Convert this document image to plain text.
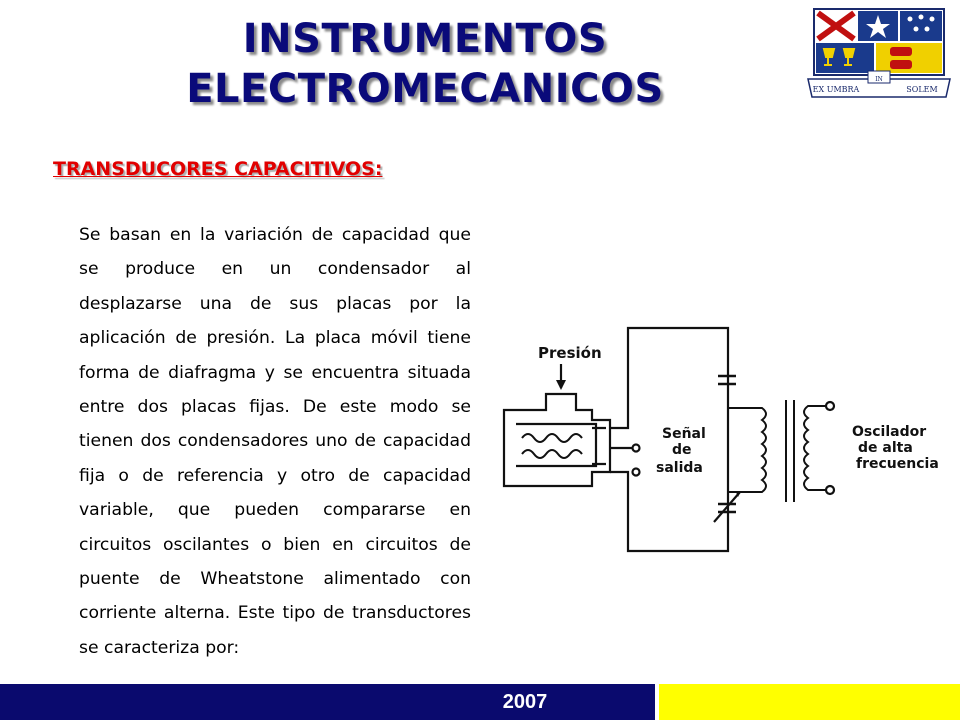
INSTRUMENTOS ELECTROMECANICOS	EX UMBRA
IN
SOLEM
TRANSDUCORES CAPACITIVOS:
Se basan en la variación de capacidad que se produce en un condensador al desplazarse una de sus placas por la aplicación de presión. La placa móvil tiene forma de diafragma y se encuentra situada entre dos placas fijas. De este modo se tienen dos condensadores uno de capacidad fija o de referencia y otro de capacidad variable, que pueden compararse en circuitos oscilantes o bien en circuitos de puente de Wheatstone alimentado con corriente alterna. Este tipo de transductores se caracteriza por:
Presión
Señal
de
salida
Oscilador
de alta
frecuencia
2007
